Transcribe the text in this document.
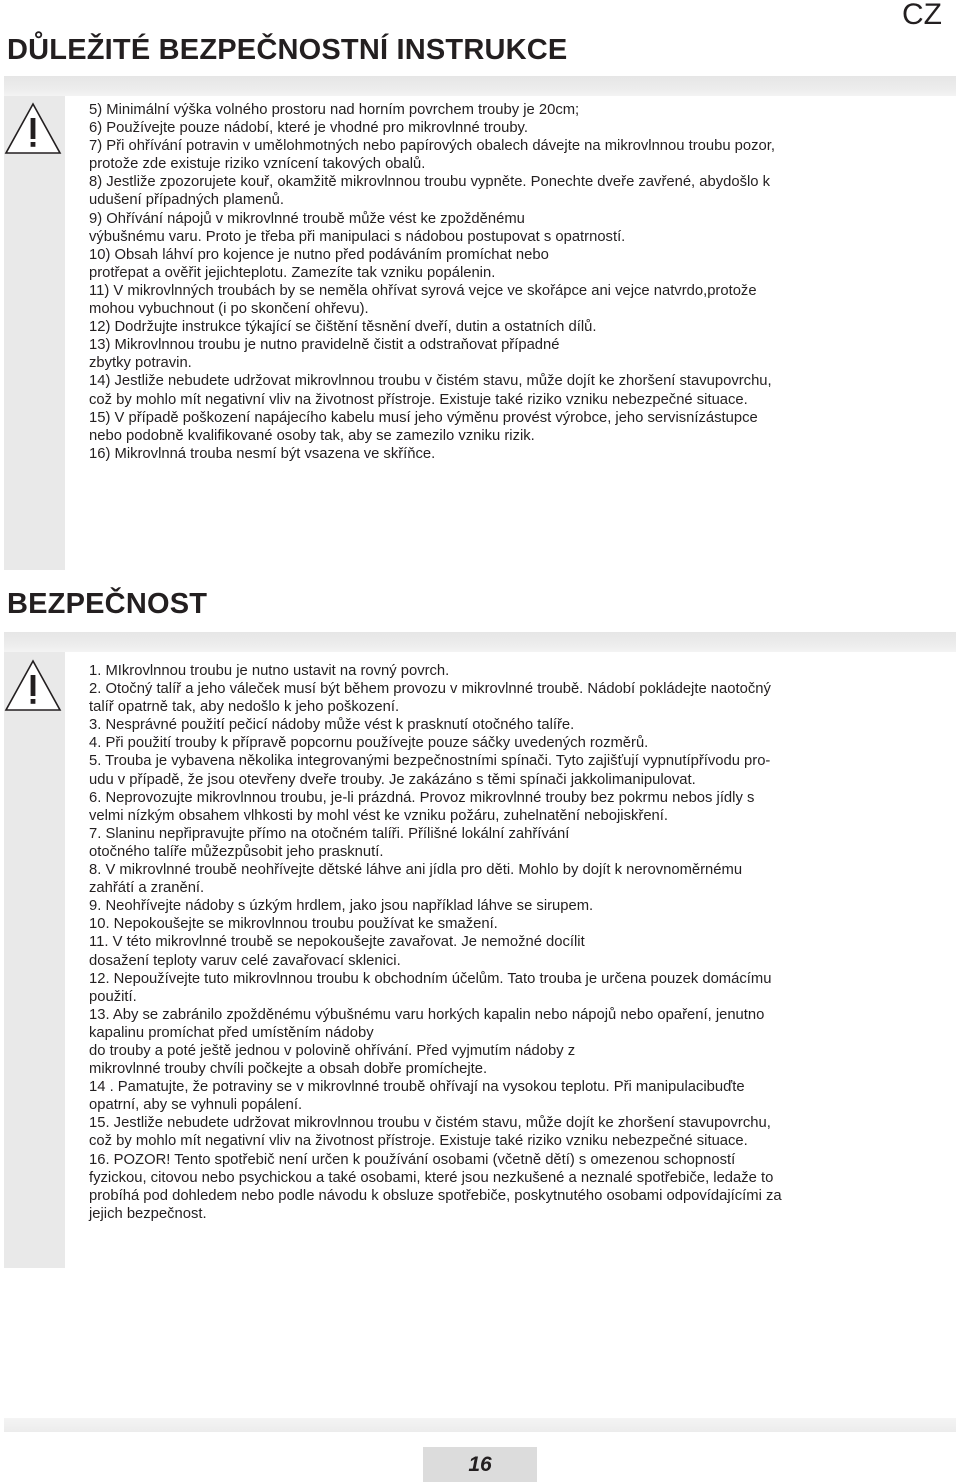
CZ
DŮLEŽITÉ BEZPEČNOSTNÍ INSTRUKCE

5) Minimální výška volného prostoru nad horním povrchem trouby je 20cm;

6) Používejte pouze nádobí, které je vhodné pro mikrovlnné trouby.

7) Při ohřívání potravin v umělohmotných nebo papírových obalech dávejte na mikrovlnnou troubu pozor,

protože zde existuje riziko vznícení takových obalů.

8) Jestliže zpozorujete kouř, okamžitě mikrovlnnou troubu vypněte. Ponechte dveře zavřené, abydošlo k

udušení případných plamenů.

9) Ohřívání nápojů v mikrovlnné troubě může vést ke zpožděnému

výbušnému varu. Proto je třeba při manipulaci s nádobou postupovat s opatrností.

10) Obsah láhví pro kojence je nutno před podáváním promíchat nebo

protřepat a ověřit jejichteplotu. Zamezíte tak vzniku popálenin.

11) V mikrovlnných troubách by se neměla ohřívat syrová vejce ve skořápce ani vejce natvrdo,protože

mohou vybuchnout (i po skončení ohřevu).

12) Dodržujte instrukce týkající se čištění těsnění dveří, dutin a ostatních dílů.

13) Mikrovlnnou troubu je nutno pravidelně čistit a odstraňovat případné

zbytky potravin.

14) Jestliže nebudete udržovat mikrovlnnou troubu v čistém stavu, může dojít ke zhoršení stavupovrchu,

což by mohlo mít negativní vliv na životnost přístroje. Existuje také riziko vzniku nebezpečné situace.

15) V případě poškození napájecího kabelu musí jeho výměnu provést výrobce, jeho servisnízástupce

nebo podobně kvalifikované osoby tak, aby se zamezilo vzniku rizik.

16) Mikrovlnná trouba nesmí být vsazena ve skříňce.

BEZPEČNOST

1. MIkrovlnnou troubu je nutno ustavit na rovný povrch.

2. Otočný talíř a jeho váleček musí být během provozu v mikrovlnné troubě. Nádobí pokládejte naotočný

talíř opatrně tak, aby nedošlo k jeho poškození.

3. Nesprávné použití pečicí nádoby může vést k prasknutí otočného talíře.

4. Při použití trouby k přípravě popcornu používejte pouze sáčky uvedených rozměrů.

5. Trouba je vybavena několika integrovanými bezpečnostními spínači. Tyto zajišťují vypnutípřívodu pro-

udu v případě, že jsou otevřeny dveře trouby. Je zakázáno s těmi spínači jakkolimanipulovat.

6. Neprovozujte mikrovlnnou troubu, je-li prázdná. Provoz mikrovlnné trouby bez pokrmu nebos jídly s

velmi nízkým obsahem vlhkosti by mohl vést ke vzniku požáru, zuhelnatění nebojiskření.

7. Slaninu nepřipravujte přímo na otočném talíři. Přílišné lokální zahřívání

otočného talíře můžezpůsobit jeho prasknutí.

8. V mikrovlnné troubě neohřívejte dětské láhve ani jídla pro děti. Mohlo by dojít k nerovnoměrnému

zahřátí a zranění.

9. Neohřívejte nádoby s úzkým hrdlem, jako jsou například láhve se sirupem.

10. Nepokoušejte se mikrovlnnou troubu používat ke smažení.

11. V této mikrovlnné troubě se nepokoušejte zavařovat. Je nemožné docílit

dosažení teploty varuv celé zavařovací sklenici.

12. Nepoužívejte tuto mikrovlnnou troubu k obchodním účelům. Tato trouba je určena pouzek domácímu

použití.

13. Aby se zabránilo zpožděnému výbušnému varu horkých kapalin nebo nápojů nebo opaření, jenutno

kapalinu promíchat před umístěním nádoby

do trouby a poté ještě jednou v polovině ohřívání. Před vyjmutím nádoby z

mikrovlnné trouby chvíli počkejte a obsah dobře promíchejte.

14 . Pamatujte, že potraviny se v mikrovlnné troubě ohřívají na vysokou teplotu. Při manipulacibuďte

opatrní, aby se vyhnuli popálení.

15. Jestliže nebudete udržovat mikrovlnnou troubu v čistém stavu, může dojít ke zhoršení stavupovrchu,

což by mohlo mít negativní vliv na životnost přístroje. Existuje také riziko vzniku nebezpečné situace.

16. POZOR! Tento spotřebič není určen k používání osobami (včetně dětí) s omezenou schopností

fyzickou, citovou nebo psychickou a také osobami, které jsou nezkušené a neznalé spotřebiče, ledaže to

probíhá pod dohledem nebo podle návodu k obsluze spotřebiče, poskytnutého osobami odpovídajícími za

jejich bezpečnost.

16
